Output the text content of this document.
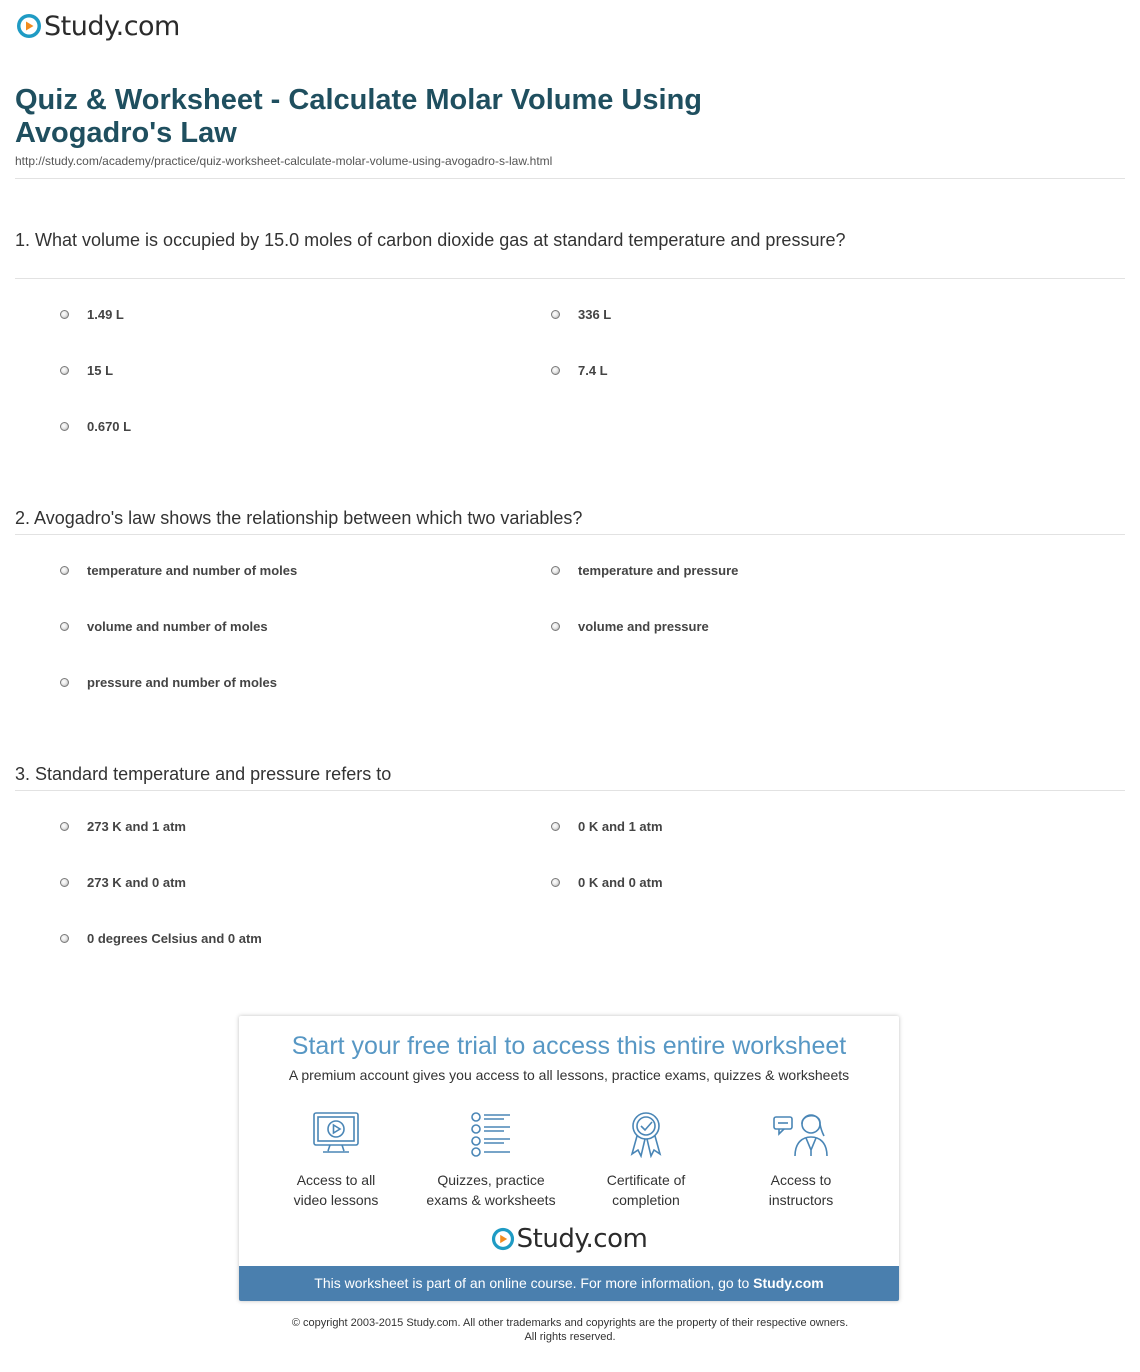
Study.com
Quiz & Worksheet - Calculate Molar Volume Using Avogadro's Law
http://study.com/academy/practice/quiz-worksheet-calculate-molar-volume-using-avogadro-s-law.html

1. What volume is occupied by 15.0 moles of carbon dioxide gas at standard temperature and pressure?

1.49 L	336 L
15 L	7.4 L
0.670 L

2. Avogadro's law shows the relationship between which two variables?

temperature and number of moles	temperature and pressure
volume and number of moles	volume and pressure
pressure and number of moles

3. Standard temperature and pressure refers to

273 K and 1 atm	0 K and 1 atm
273 K and 0 atm	0 K and 0 atm
0 degrees Celsius and 0 atm
Start your free trial to access this entire worksheet
A premium account gives you access to all lessons, practice exams, quizzes & worksheets
Access to all
video lessons
Quizzes, practice
exams & worksheets
Certificate of
completion
Access to
instructors
Study.com
This worksheet is part of an online course. For more information, go to Study.com
© copyright 2003-2015 Study.com. All other trademarks and copyrights are the property of their respective owners.
All rights reserved.
